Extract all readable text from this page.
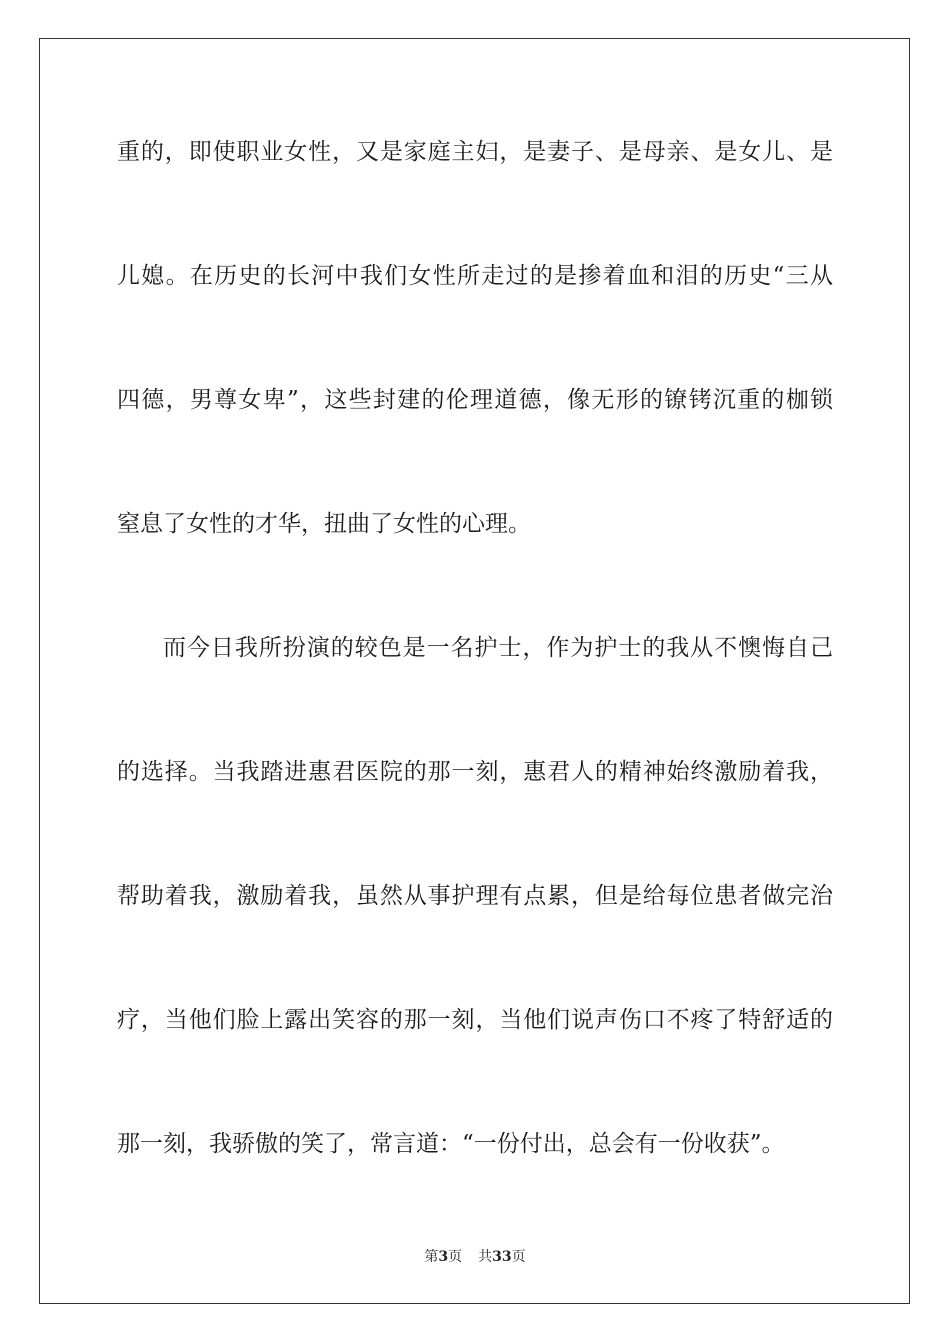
重的，即使职业女性，又是家庭主妇，是妻子、是母亲、是女儿、是
儿媳。在历史的长河中我们女性所走过的是掺着血和泪的历史“三从
四德，男尊女卑”，这些封建的伦理道德，像无形的镣铐沉重的枷锁
窒息了女性的才华，扭曲了女性的心理。
而今日我所扮演的较色是一名护士，作为护士的我从不懊悔自己
的选择。当我踏进惠君医院的那一刻，惠君人的精神始终激励着我，
帮助着我，激励着我，虽然从事护理有点累，但是给每位患者做完治
疗，当他们脸上露出笑容的那一刻，当他们说声伤口不疼了特舒适的
那一刻，我骄傲的笑了，常言道：“一份付出，总会有一份收获”。
第3页 共33页
